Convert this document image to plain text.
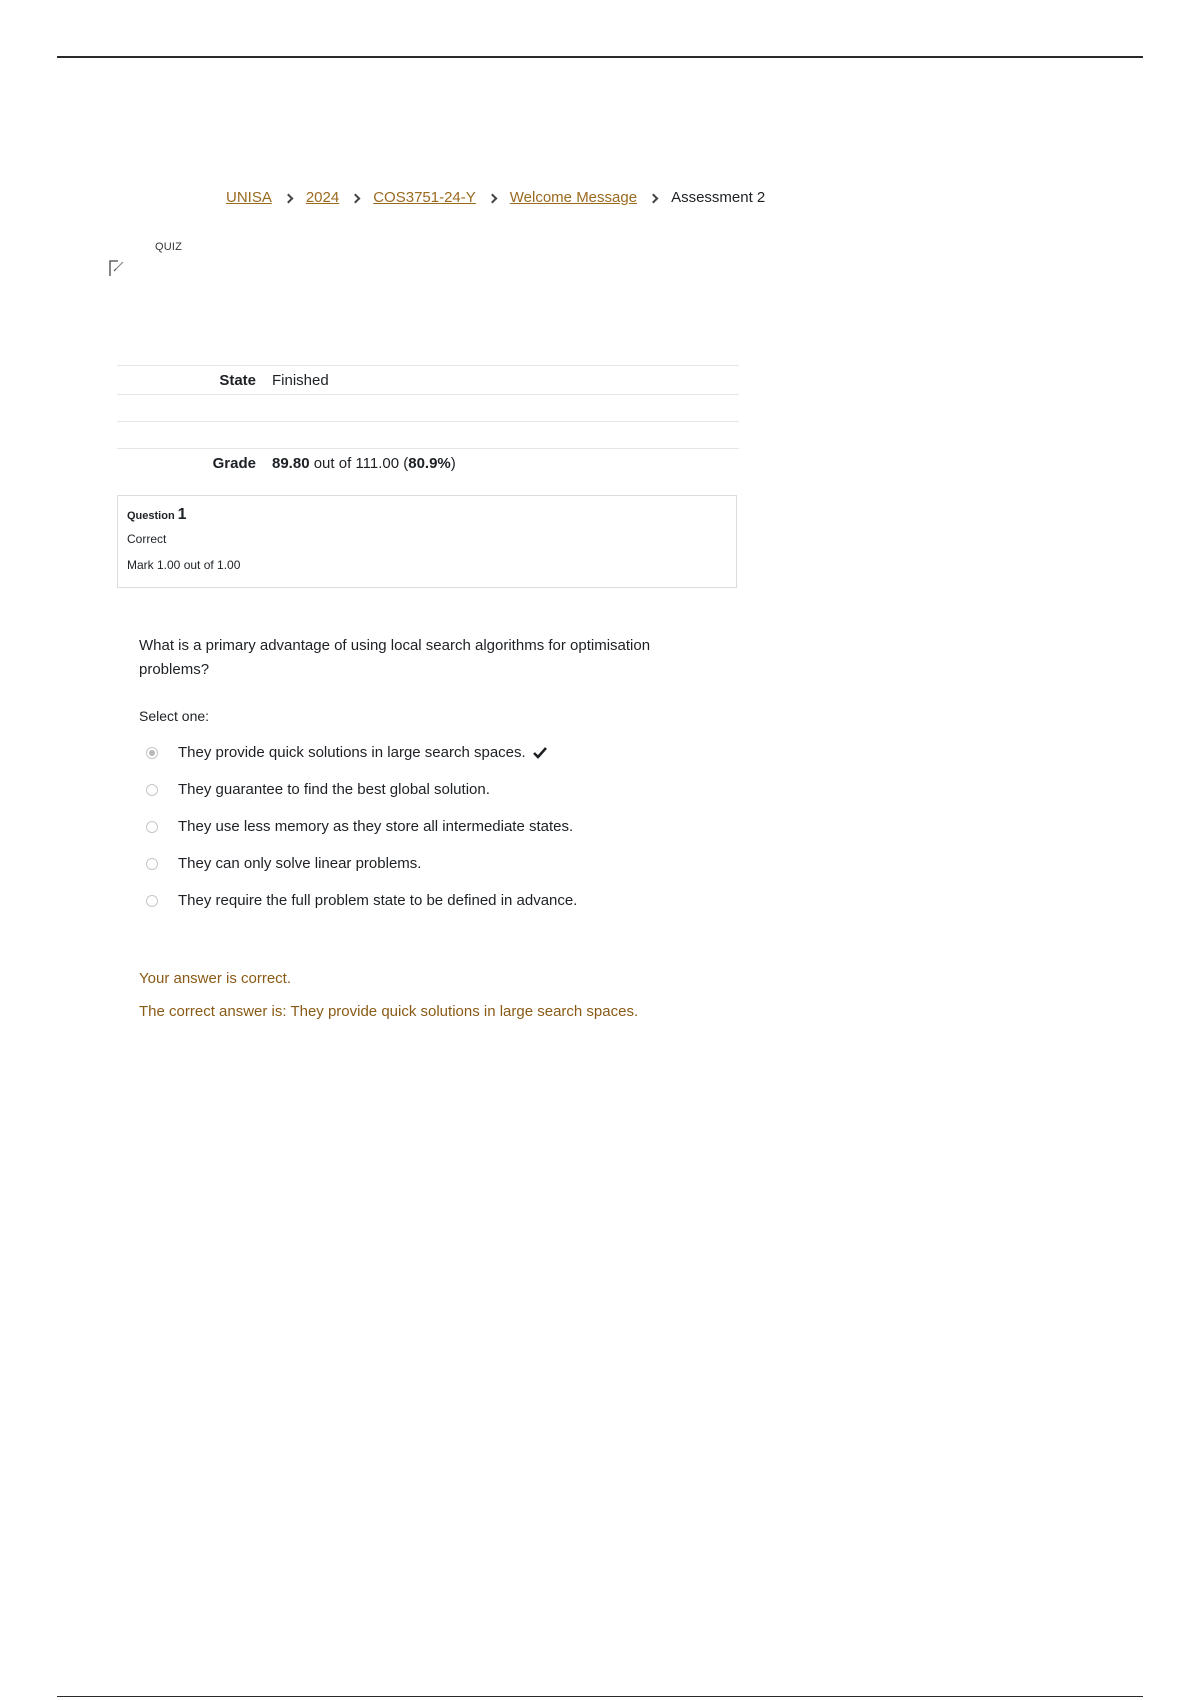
UNISA 2024 COS3751-24-Y Welcome Message Assessment 2
QUIZ
State	Finished
Grade	89.80 out of 111.00 (80.9%)
Question 1
Correct
Mark 1.00 out of 1.00
What is a primary advantage of using local search algorithms for optimisation problems?
Select one:
They provide quick solutions in large search spaces.
They guarantee to find the best global solution.
They use less memory as they store all intermediate states.
They can only solve linear problems.
They require the full problem state to be defined in advance.
Your answer is correct.
The correct answer is: They provide quick solutions in large search spaces.
